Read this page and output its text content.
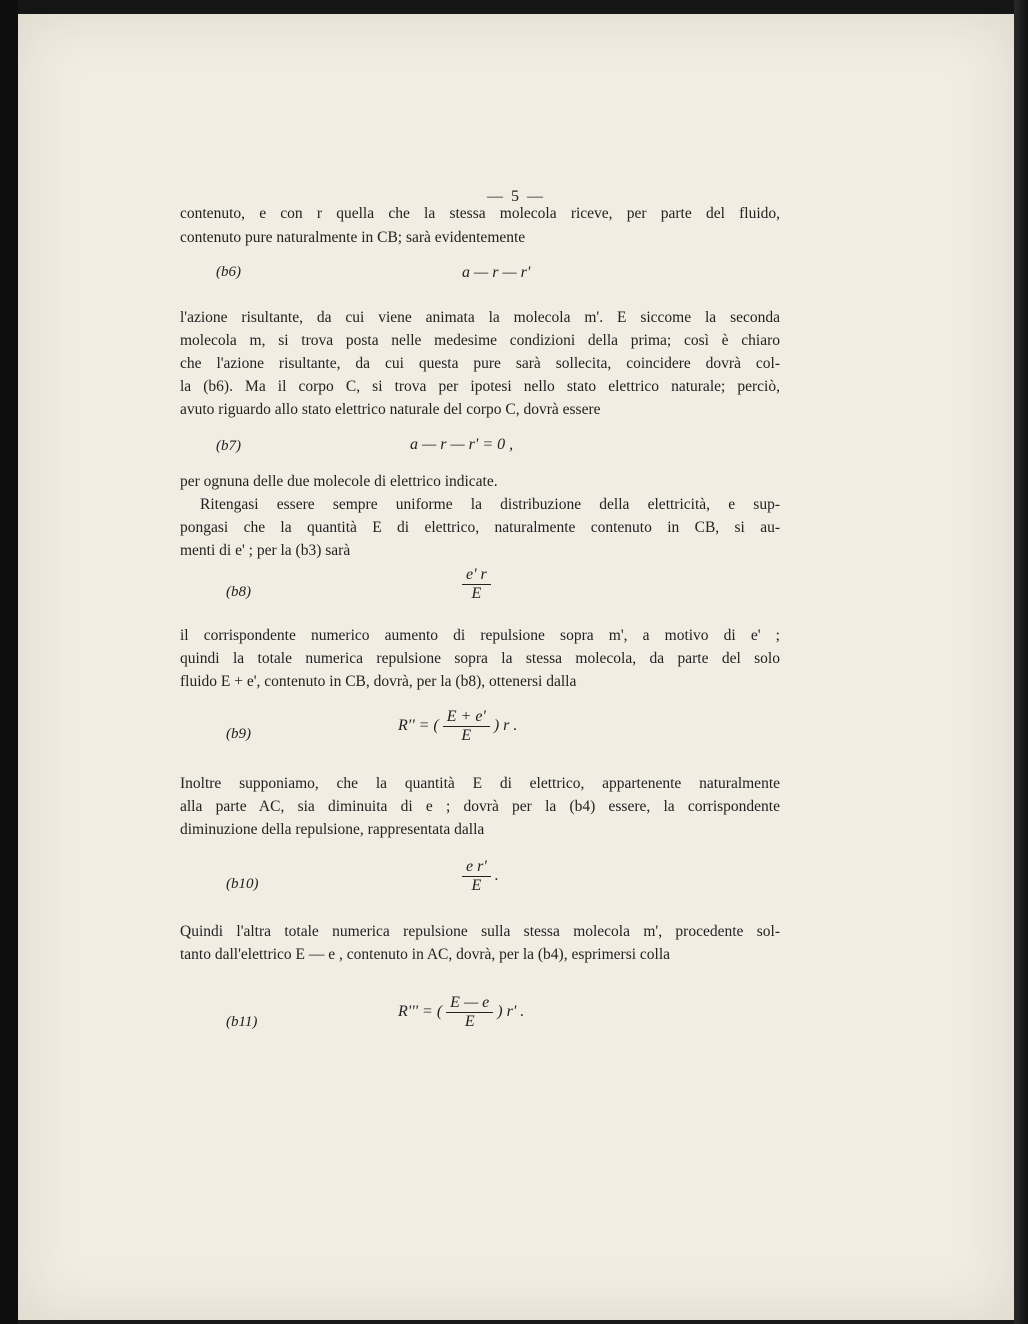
— 5 —
contenuto, e con r quella che la stessa molecola riceve, per parte del fluido,
contenuto pure naturalmente in CB; sarà evidentemente
(b6)	a — r — r'
l'azione risultante, da cui viene animata la molecola m'. E siccome la seconda
molecola m, si trova posta nelle medesime condizioni della prima; così è chiaro
che l'azione risultante, da cui questa pure sarà sollecita, coincidere dovrà col-
la (b6). Ma il corpo C, si trova per ipotesi nello stato elettrico naturale; perciò,
avuto riguardo allo stato elettrico naturale del corpo C, dovrà essere
(b7)	a — r — r' = 0 ,
per ognuna delle due molecole di elettrico indicate.
Ritengasi essere sempre uniforme la distribuzione della elettricità, e sup-
pongasi che la quantità E di elettrico, naturalmente contenuto in CB, si au-
menti di e' ; per la (b3) sarà
(b8)	$\frac{e' r}{E}$
il corrispondente numerico aumento di repulsione sopra m', a motivo di e' ;
quindi la totale numerica repulsione sopra la stessa molecola, da parte del solo
fluido E + e', contenuto in CB, dovrà, per la (b8), ottenersi dalla
(b9)	R'' = ( $\frac{E + e'}{E}$ ) r .
Inoltre supponiamo, che la quantità E di elettrico, appartenente naturalmente
alla parte AC, sia diminuita di e ; dovrà per la (b4) essere, la corrispondente
diminuzione della repulsione, rappresentata dalla
(b10)	$\frac{\text{e r'}}{E}$ .
Quindi l'altra totale numerica repulsione sulla stessa molecola m', procedente sol-
tanto dall'elettrico E — e , contenuto in AC, dovrà, per la (b4), esprimersi colla
(b11)
R''' = ( $\frac{E — e}{E}$ ) r' .
